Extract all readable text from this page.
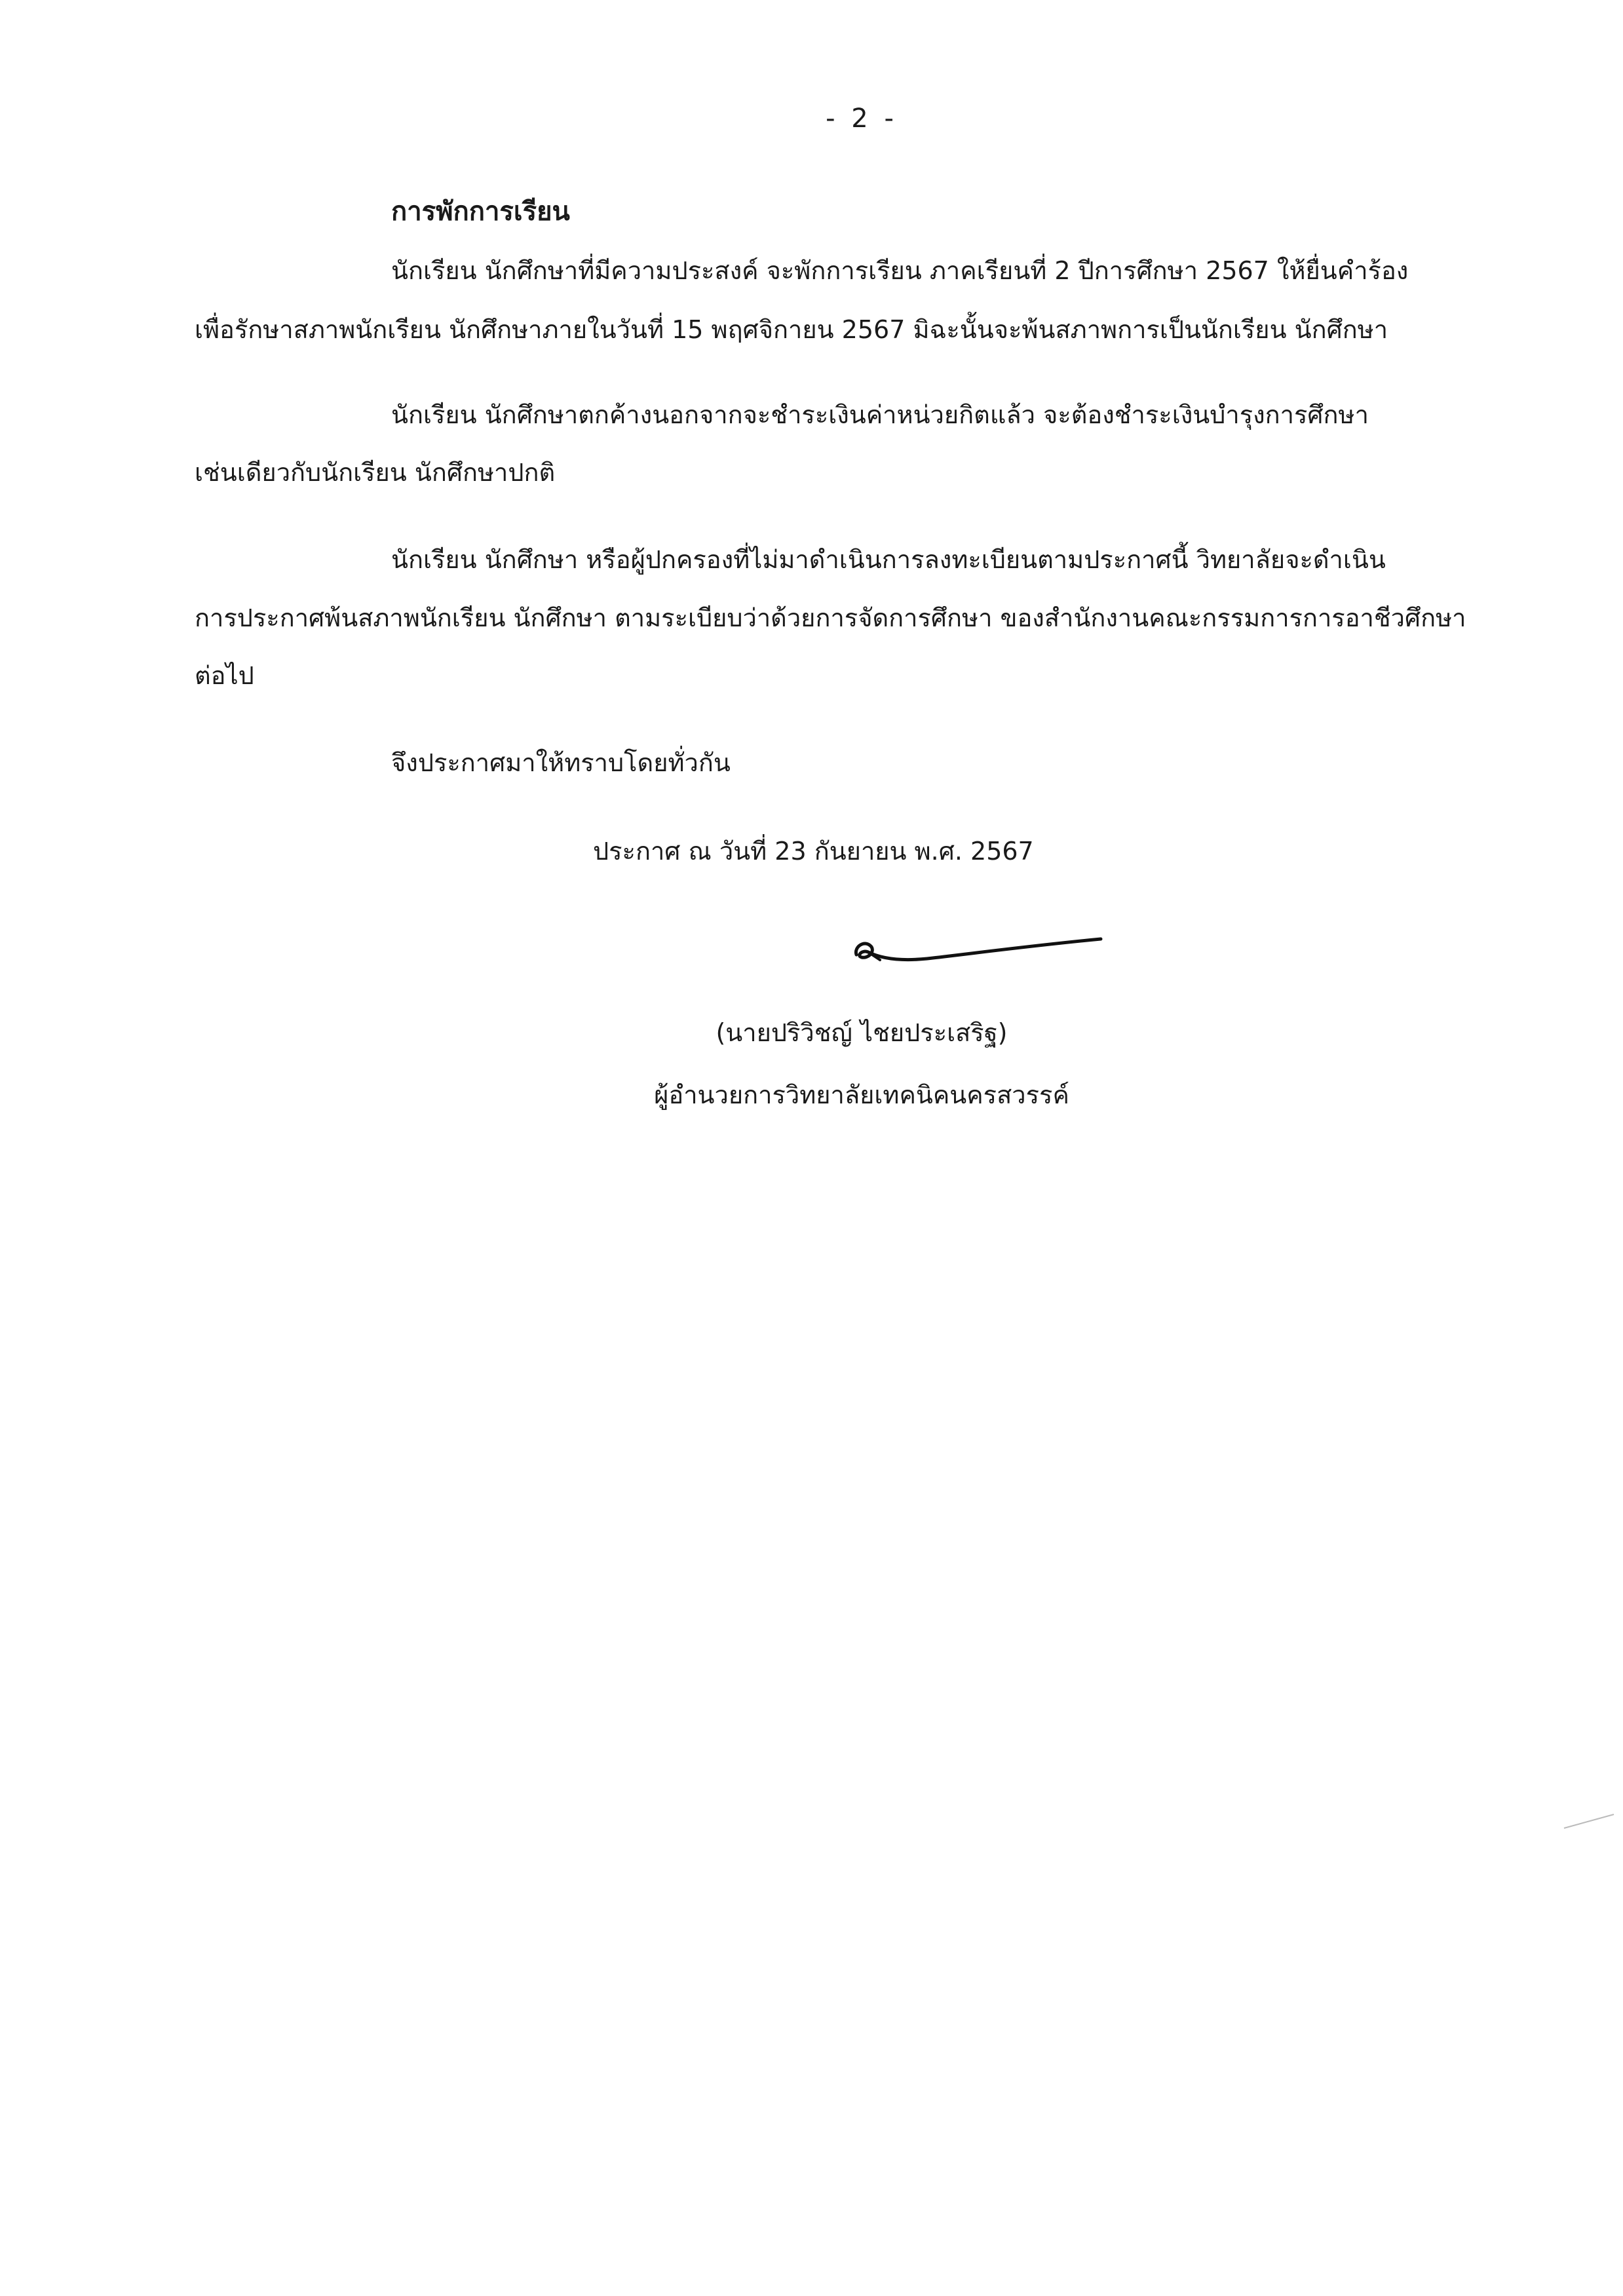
- 2 -
การพักการเรียน
นักเรียน นักศึกษาที่มีความประสงค์ จะพักการเรียน ภาคเรียนที่ 2 ปีการศึกษา 2567 ให้ยื่นคำร้อง
เพื่อรักษาสภาพนักเรียน นักศึกษาภายในวันที่ 15 พฤศจิกายน 2567 มิฉะนั้นจะพ้นสภาพการเป็นนักเรียน นักศึกษา
นักเรียน นักศึกษาตกค้างนอกจากจะชำระเงินค่าหน่วยกิตแล้ว จะต้องชำระเงินบำรุงการศึกษา
เช่นเดียวกับนักเรียน นักศึกษาปกติ
นักเรียน นักศึกษา หรือผู้ปกครองที่ไม่มาดำเนินการลงทะเบียนตามประกาศนี้ วิทยาลัยจะดำเนิน
การประกาศพ้นสภาพนักเรียน นักศึกษา ตามระเบียบว่าด้วยการจัดการศึกษา ของสำนักงานคณะกรรมการการอาชีวศึกษา
ต่อไป
จึงประกาศมาให้ทราบโดยทั่วกัน
ประกาศ ณ วันที่ 23 กันยายน พ.ศ. 2567
(นายปริวิชญ์ ไชยประเสริฐ)
ผู้อำนวยการวิทยาลัยเทคนิคนครสวรรค์
